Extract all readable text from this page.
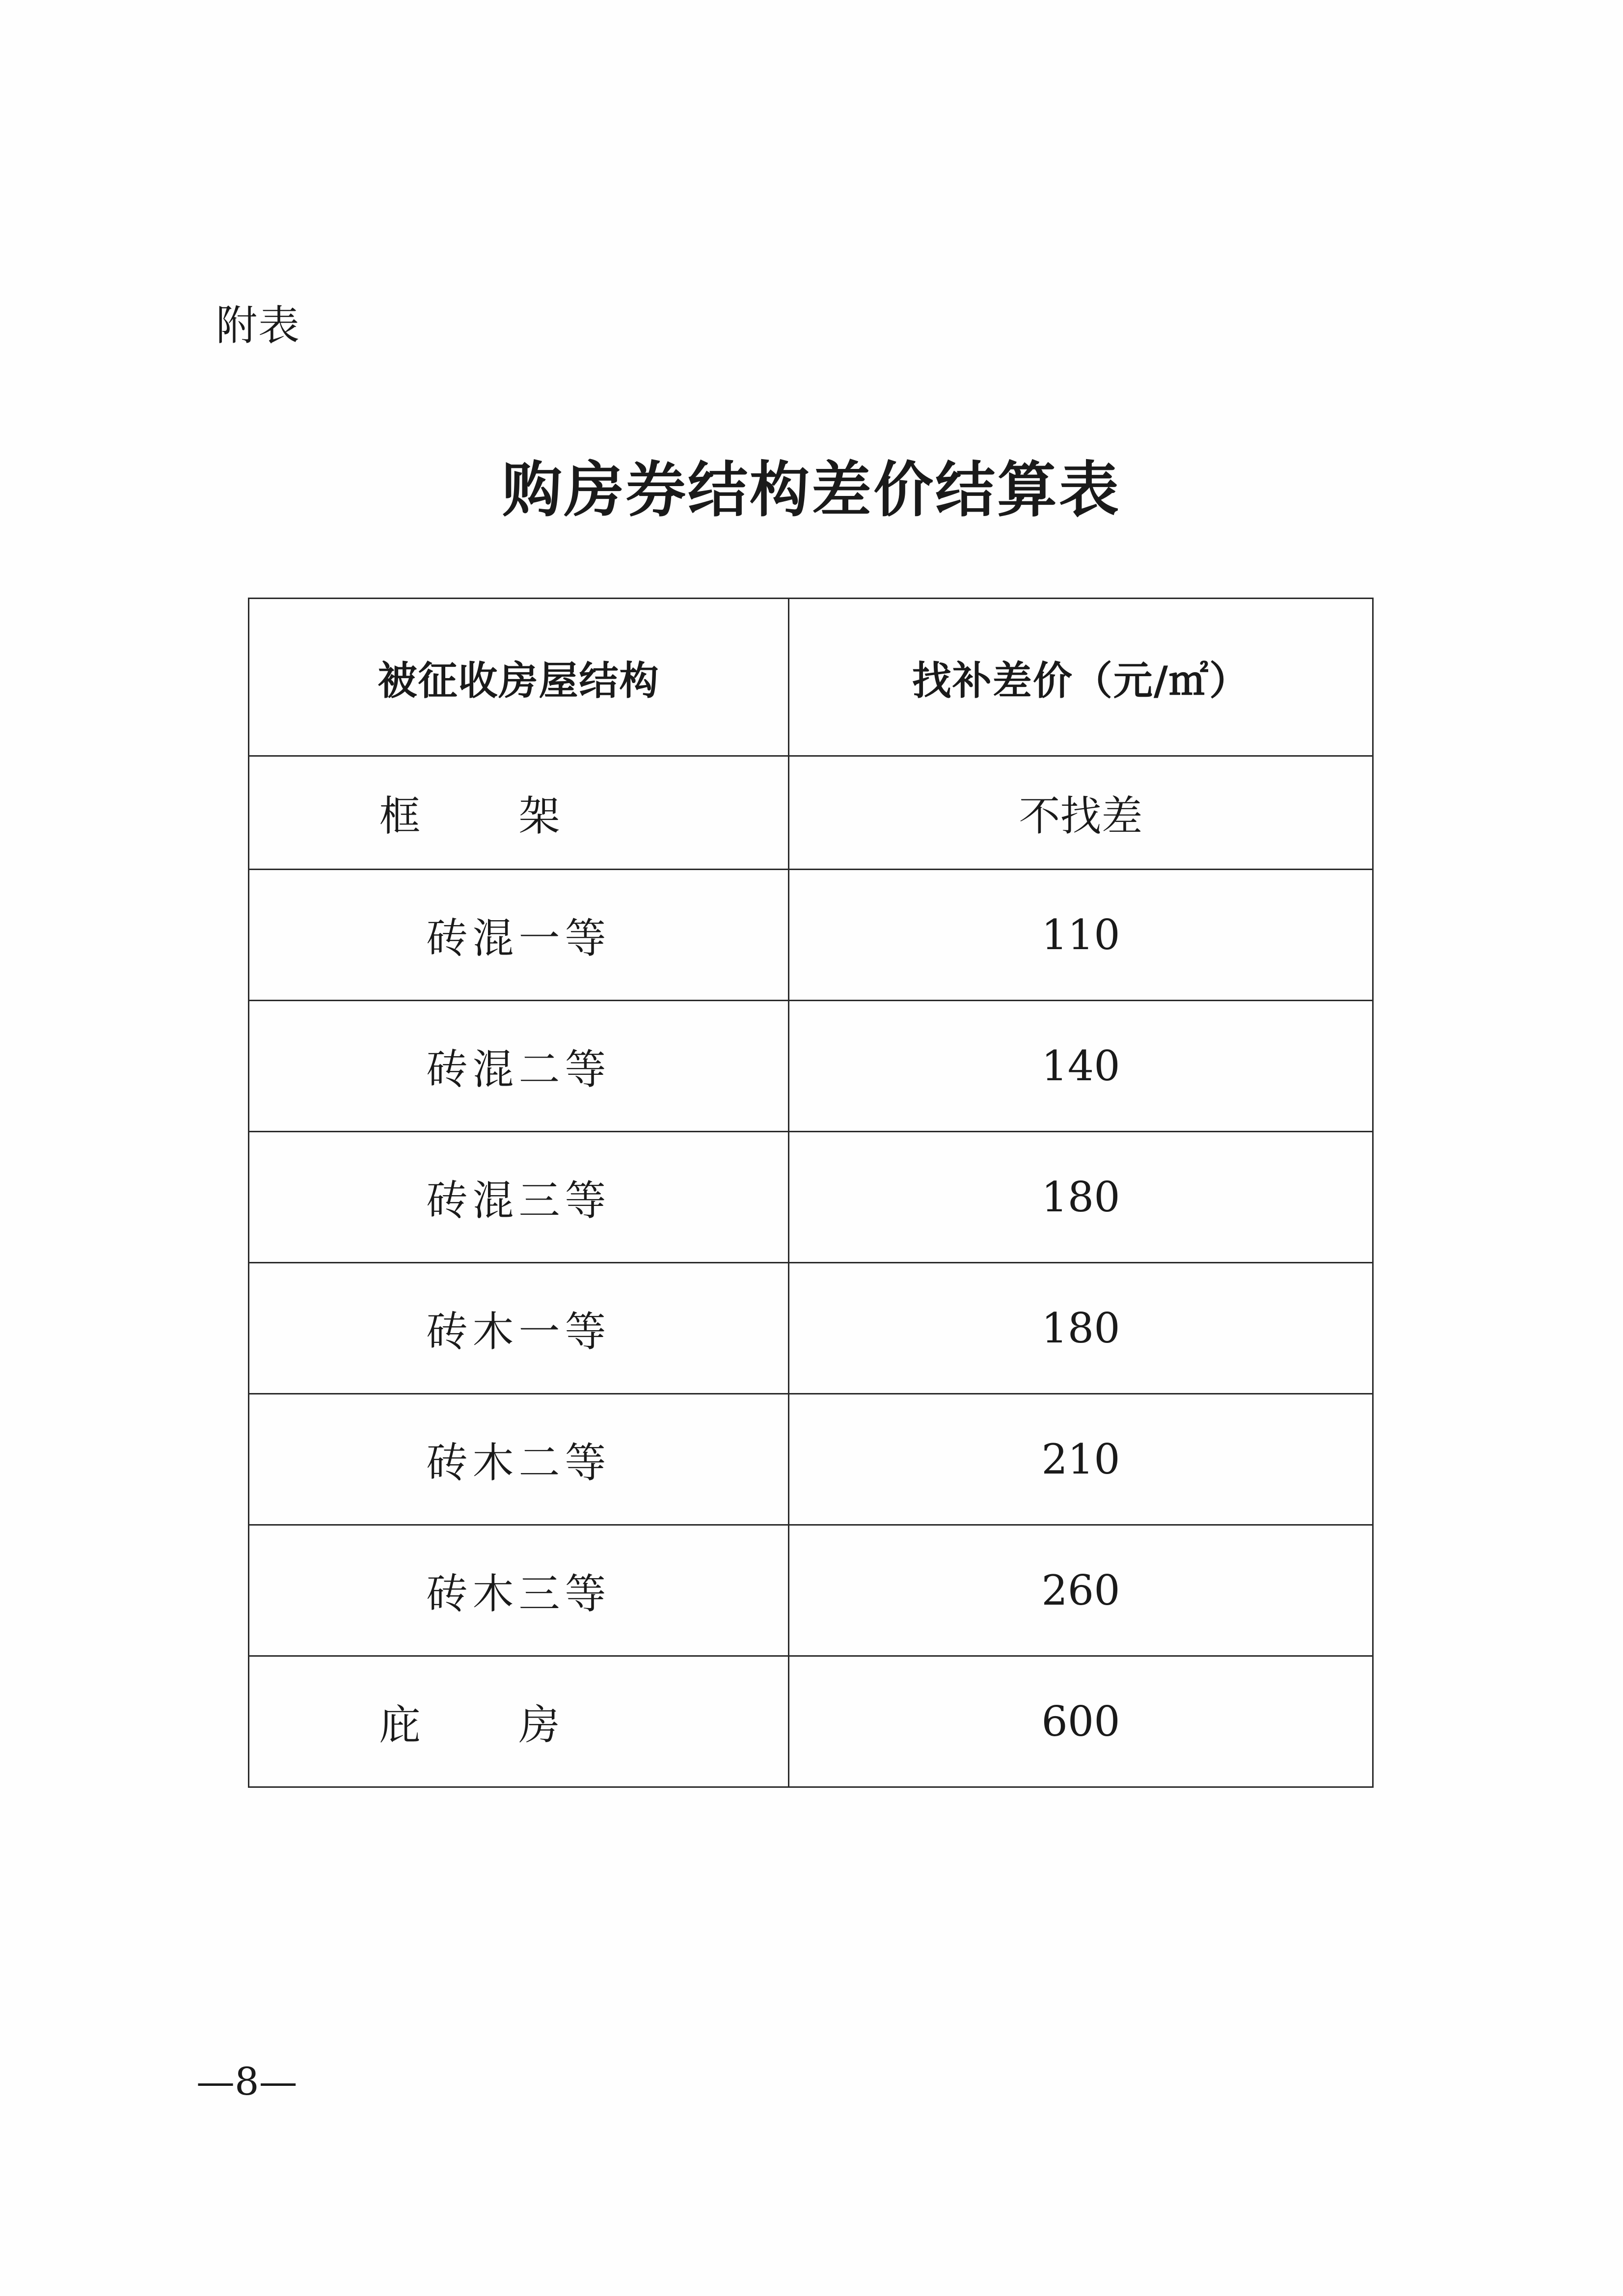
附表
购房券结构差价结算表
被征收房屋结构	找补差价（元/㎡）
框架	不找差
砖混一等	110
砖混二等	140
砖混三等	180
砖木一等	180
砖木二等	210
砖木三等	260
庇房	600
—8—
